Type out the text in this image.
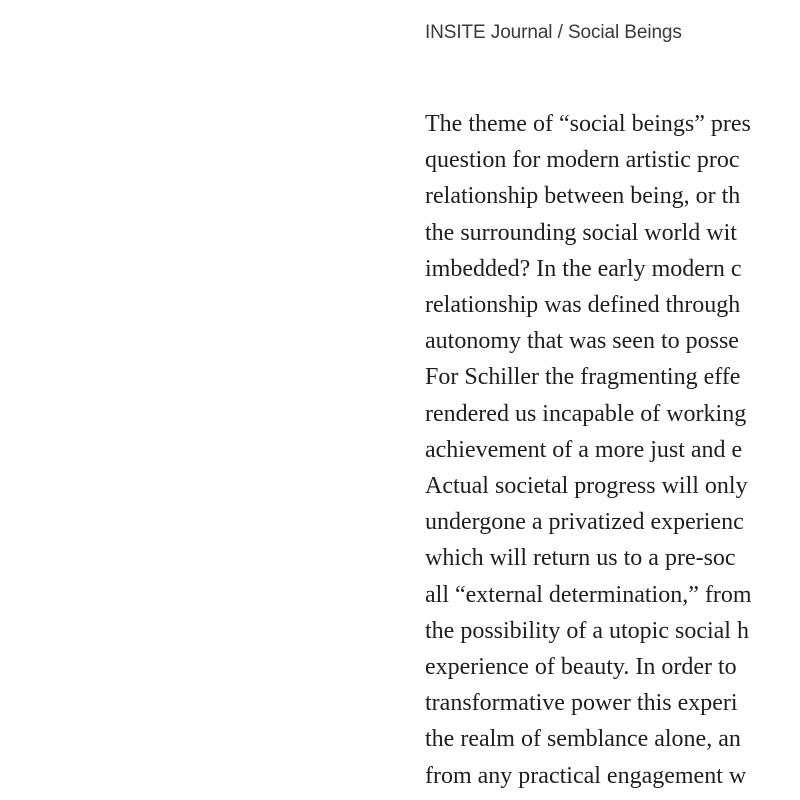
INSITE Journal / Social Beings
The theme of “social beings” pres
question for modern artistic proc
relationship between being, or th
the surrounding social world wit
imbedded? In the early modern c
relationship was defined through
autonomy that was seen to posse
For Schiller the fragmenting effe
rendered us incapable of working
achievement of a more just and e
Actual societal progress will only
undergone a privatized experienc
which will return us to a pre-soc
all “external determination,” from
the possibility of a utopic social h
experience of beauty. In order to
transformative power this experi
the realm of semblance alone, an
from any practical engagement w
